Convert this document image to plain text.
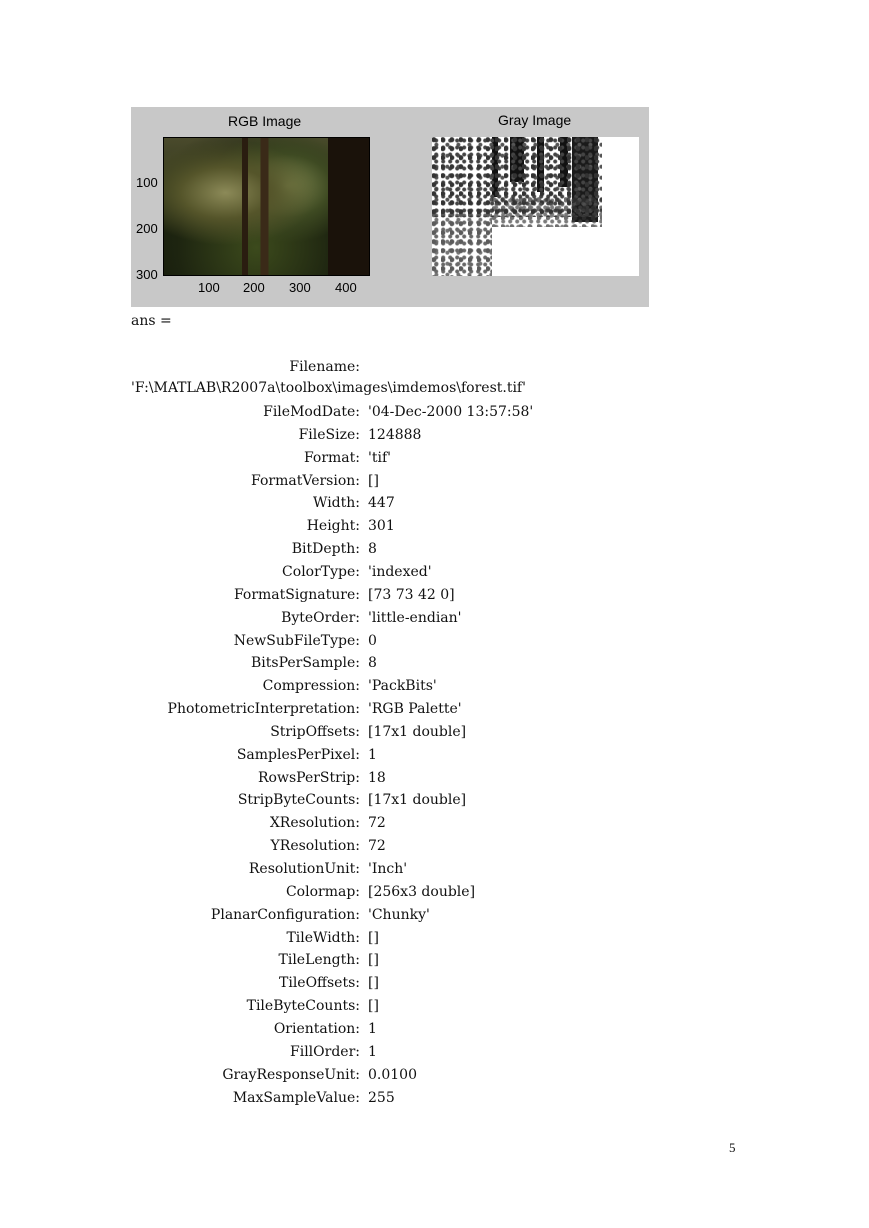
RGB Image	Gray Image
100
200
300
100 200 300 400
ans =
Filename:
FileModDate: '04-Dec-2000 13:57:58'
FileSize: 124888
Format: 'tif'
FormatVersion: []
Width: 447
Height: 301
BitDepth: 8
ColorType: 'indexed'
FormatSignature: [73 73 42 0]
ByteOrder: 'little-endian'
NewSubFileType: 0
BitsPerSample: 8
Compression: 'PackBits'
PhotometricInterpretation: 'RGB Palette'
StripOffsets: [17x1 double]
SamplesPerPixel: 1
RowsPerStrip: 18
StripByteCounts: [17x1 double]
XResolution: 72
YResolution: 72
ResolutionUnit: 'Inch'
Colormap: [256x3 double]
PlanarConfiguration: 'Chunky'
TileWidth: []
TileLength: []
TileOffsets: []
TileByteCounts: []
Orientation: 1
FillOrder: 1
GrayResponseUnit: 0.0100
MaxSampleValue: 255
'F:\MATLAB\R2007a\toolbox\images\imdemos\forest.tif'
5
